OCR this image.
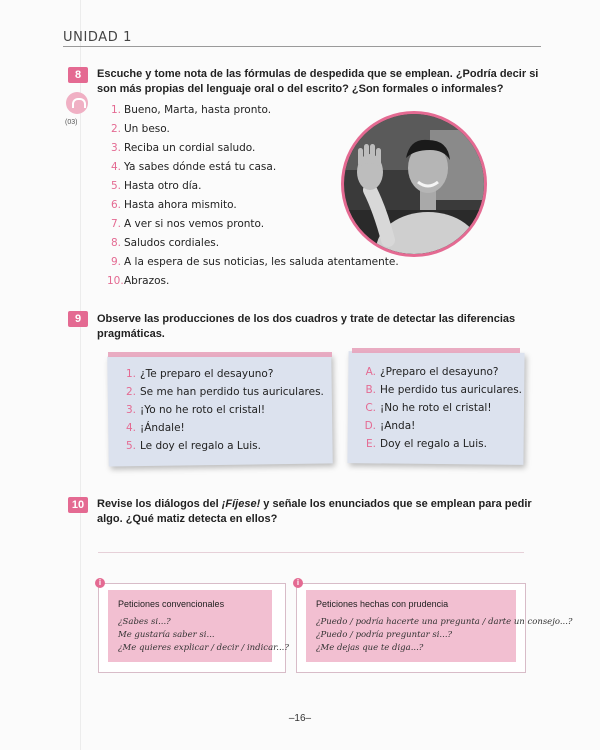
UNIDAD 1
8	Escuche y tome nota de las fórmulas de despedida que se emplean. ¿Podría decir si son más propias del lenguaje oral o del escrito? ¿Son formales o informales?
(03)
1. Bueno, Marta, hasta pronto.
2. Un beso.
3. Reciba un cordial saludo.
4. Ya sabes dónde está tu casa.
5. Hasta otro día.
6. Hasta ahora mismito.
7. A ver si nos vemos pronto.
8. Saludos cordiales.
9. A la espera de sus noticias, les saluda atentamente.
10.Abrazos.
9	Observe las producciones de los dos cuadros y trate de detectar las diferencias pragmáticas.
1. ¿Te preparo el desayuno?
2. Se me han perdido tus auriculares.
3. ¡Yo no he roto el cristal!
4. ¡Ándale!
5. Le doy el regalo a Luis.
A. ¿Preparo el desayuno?
B. He perdido tus auriculares.
C. ¡No he roto el cristal!
D. ¡Anda!
E. Doy el regalo a Luis.
10	Revise los diálogos del ¡Fíjese! y señale los enunciados que se emplean para pedir algo. ¿Qué matiz detecta en ellos?
i
Peticiones convencionales
¿Sabes si...?
Me gustaría saber si...
¿Me quieres explicar / decir / indicar...?
i
Peticiones hechas con prudencia
¿Puedo / podría hacerte una pregunta / darte un consejo...?
¿Puedo / podría preguntar si...?
¿Me dejas que te diga...?
–16–
